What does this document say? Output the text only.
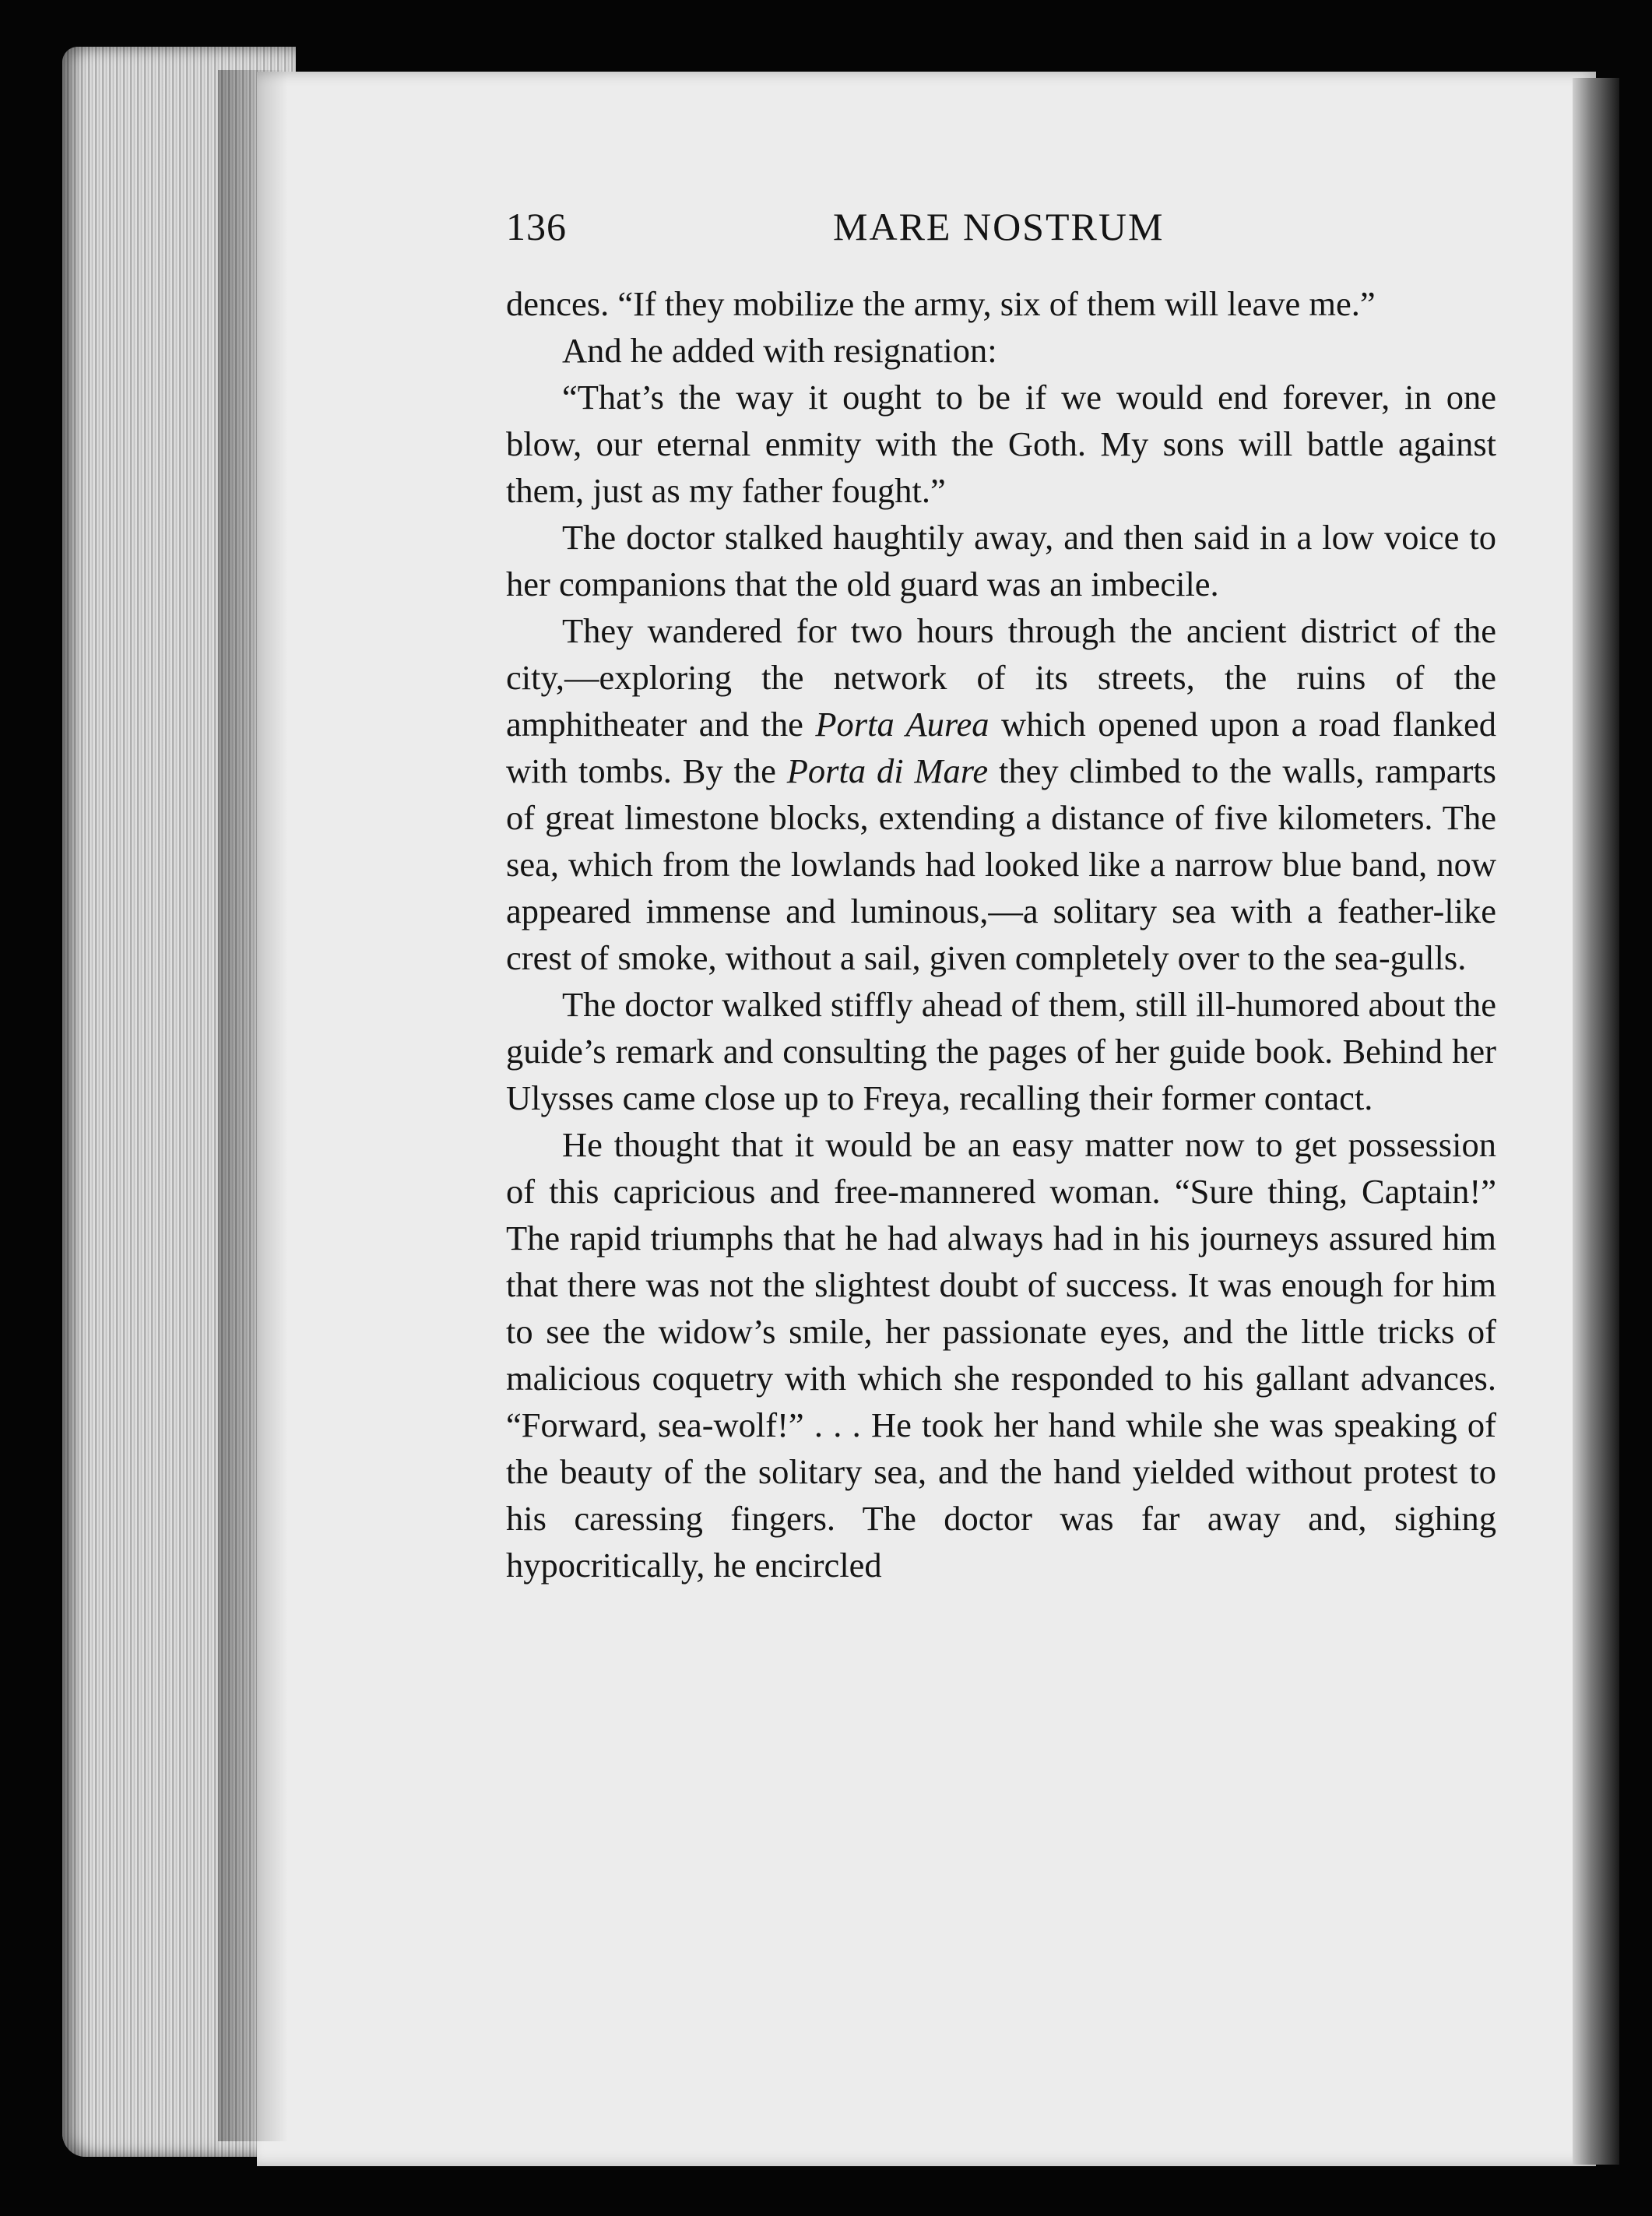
136	MARE NOSTRUM

dences. “If they mobilize the army, six of them will leave me.”

And he added with resignation:

“That’s the way it ought to be if we would end forever, in one blow, our eternal enmity with the Goth. My sons will battle against them, just as my father fought.”

The doctor stalked haughtily away, and then said in a low voice to her companions that the old guard was an imbecile.

They wandered for two hours through the ancient district of the city,—exploring the network of its streets, the ruins of the amphitheater and the Porta Aurea which opened upon a road flanked with tombs. By the Porta di Mare they climbed to the walls, ramparts of great limestone blocks, extending a distance of five kilometers. The sea, which from the lowlands had looked like a narrow blue band, now appeared immense and luminous,—a solitary sea with a feather-like crest of smoke, without a sail, given completely over to the sea-gulls.

The doctor walked stiffly ahead of them, still ill-humored about the guide’s remark and consulting the pages of her guide book. Behind her Ulysses came close up to Freya, recalling their former contact.

He thought that it would be an easy matter now to get possession of this capricious and free-mannered woman. “Sure thing, Captain!” The rapid triumphs that he had always had in his journeys assured him that there was not the slightest doubt of success. It was enough for him to see the widow’s smile, her passionate eyes, and the little tricks of malicious coquetry with which she responded to his gallant advances. “Forward, sea-wolf!” . . . He took her hand while she was speaking of the beauty of the solitary sea, and the hand yielded without protest to his caressing fingers. The doctor was far away and, sighing hypocritically, he encircled
